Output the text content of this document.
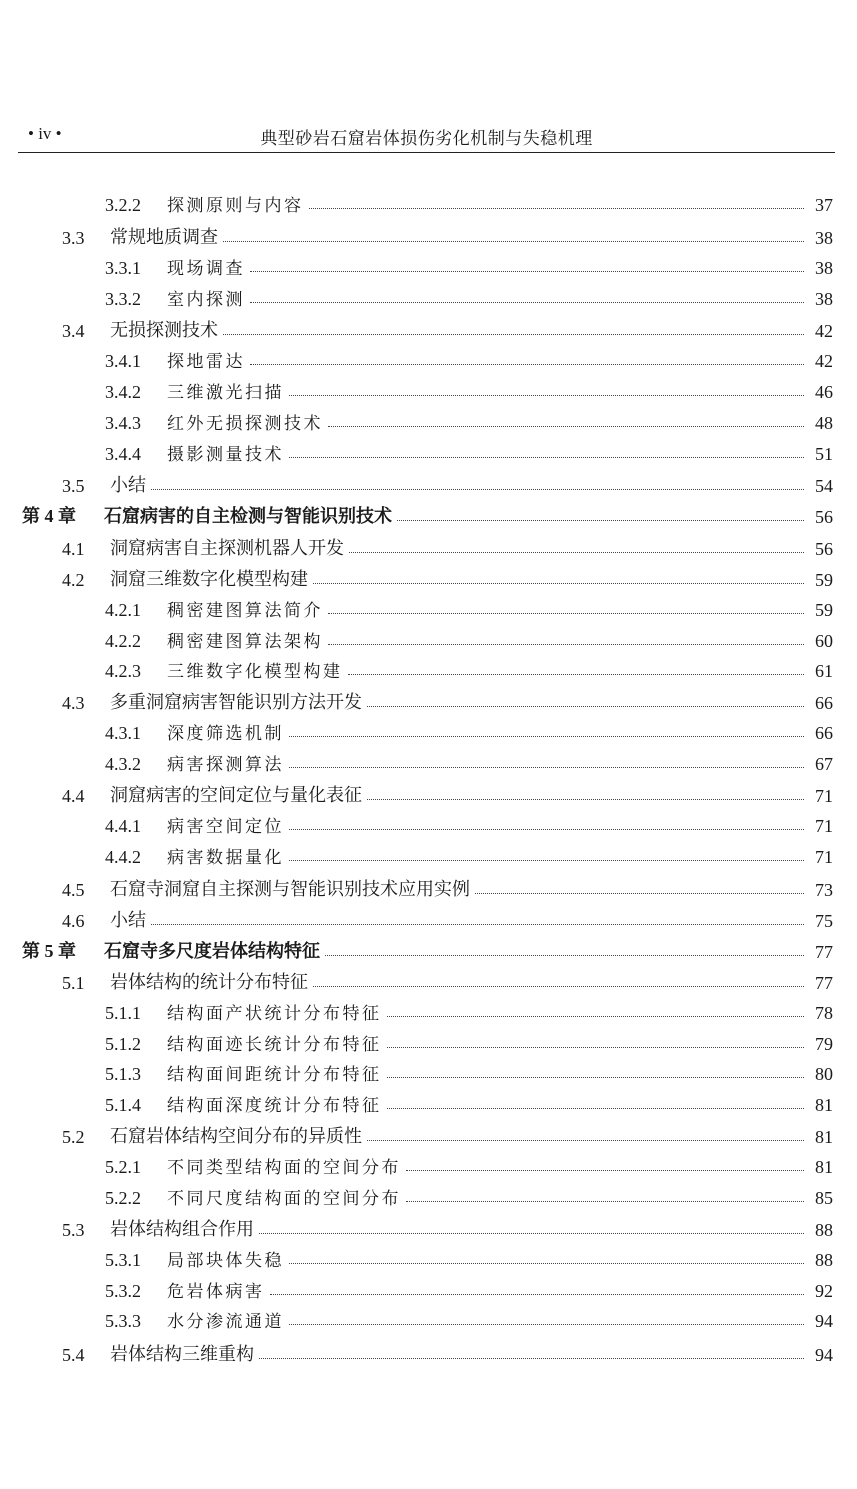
• iv •	典型砂岩石窟岩体损伤劣化机制与失稳机理
3.2.2	探测原则与内容	37
3.3	常规地质调查	38
3.3.1	现场调查	38
3.3.2	室内探测	38
3.4	无损探测技术	42
3.4.1	探地雷达	42
3.4.2	三维激光扫描	46
3.4.3	红外无损探测技术	48
3.4.4	摄影测量技术	51
3.5	小结	54
第 4 章	石窟病害的自主检测与智能识别技术	56
4.1	洞窟病害自主探测机器人开发	56
4.2	洞窟三维数字化模型构建	59
4.2.1	稠密建图算法简介	59
4.2.2	稠密建图算法架构	60
4.2.3	三维数字化模型构建	61
4.3	多重洞窟病害智能识别方法开发	66
4.3.1	深度筛选机制	66
4.3.2	病害探测算法	67
4.4	洞窟病害的空间定位与量化表征	71
4.4.1	病害空间定位	71
4.4.2	病害数据量化	71
4.5	石窟寺洞窟自主探测与智能识别技术应用实例	73
4.6	小结	75
第 5 章	石窟寺多尺度岩体结构特征	77
5.1	岩体结构的统计分布特征	77
5.1.1	结构面产状统计分布特征	78
5.1.2	结构面迹长统计分布特征	79
5.1.3	结构面间距统计分布特征	80
5.1.4	结构面深度统计分布特征	81
5.2	石窟岩体结构空间分布的异质性	81
5.2.1	不同类型结构面的空间分布	81
5.2.2	不同尺度结构面的空间分布	85
5.3	岩体结构组合作用	88
5.3.1	局部块体失稳	88
5.3.2	危岩体病害	92
5.3.3	水分渗流通道	94
5.4	岩体结构三维重构	94
